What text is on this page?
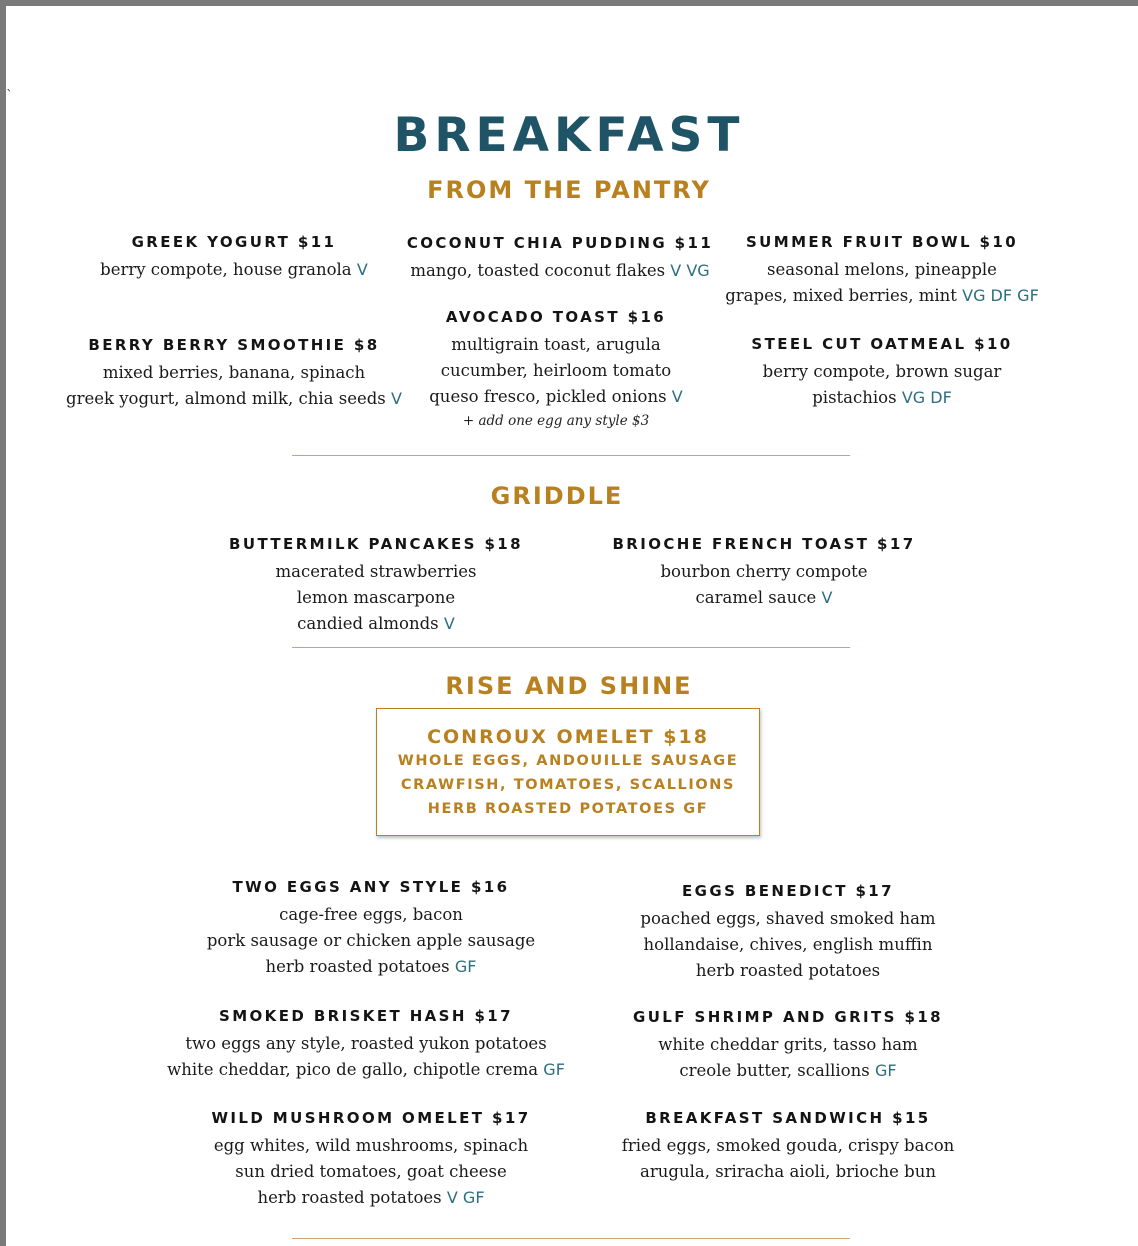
`
BREAKFAST
FROM THE PANTRY
GREEK YOGURT $11
berry compote, house granola V
COCONUT CHIA PUDDING $11
mango, toasted coconut flakes V VG
SUMMER FRUIT BOWL $10
seasonal melons, pineapple
grapes, mixed berries, mint VG DF GF
BERRY BERRY SMOOTHIE $8
mixed berries, banana, spinach
greek yogurt, almond milk, chia seeds V
AVOCADO TOAST $16
multigrain toast, arugula
cucumber, heirloom tomato
queso fresco, pickled onions V
+ add one egg any style $3
STEEL CUT OATMEAL $10
berry compote, brown sugar
pistachios VG DF
GRIDDLE
BUTTERMILK PANCAKES $18
macerated strawberries
lemon mascarpone
candied almonds V
BRIOCHE FRENCH TOAST $17
bourbon cherry compote
caramel sauce V
RISE AND SHINE
CONROUX OMELET $18
WHOLE EGGS, ANDOUILLE SAUSAGE
CRAWFISH, TOMATOES, SCALLIONS
HERB ROASTED POTATOES GF
TWO EGGS ANY STYLE $16
cage-free eggs, bacon
pork sausage or chicken apple sausage
herb roasted potatoes GF
EGGS BENEDICT $17
poached eggs, shaved smoked ham
hollandaise, chives, english muffin
herb roasted potatoes
SMOKED BRISKET HASH $17
two eggs any style, roasted yukon potatoes
white cheddar, pico de gallo, chipotle crema GF
GULF SHRIMP AND GRITS $18
white cheddar grits, tasso ham
creole butter, scallions GF
WILD MUSHROOM OMELET $17
egg whites, wild mushrooms, spinach
sun dried tomatoes, goat cheese
herb roasted potatoes V GF
BREAKFAST SANDWICH $15
fried eggs, smoked gouda, crispy bacon
arugula, sriracha aioli, brioche bun
